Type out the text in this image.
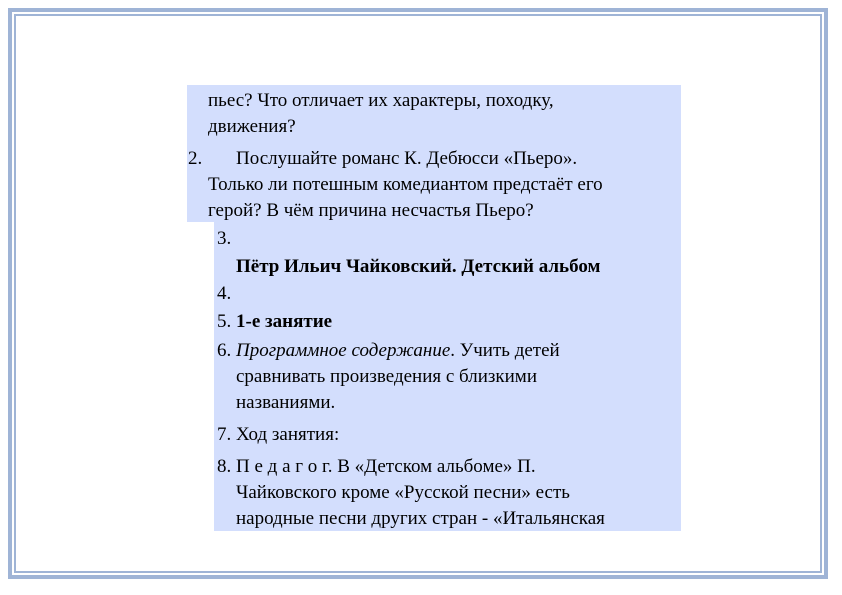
пьес? Что отличает их характеры, походку,
движения?
2. Послушайте романс К. Дебюсси «Пьеро».
Только ли потешным комедиантом предстаёт его
герой? В чём причина несчастья Пьеро?
3.
Пётр Ильич Чайковский. Детский альбом
4.
5. 1-е занятие
6. Программное содержание. Учить детей
сравнивать произведения с близкими
названиями.
7. Ход занятия:
8. П е д а г о г. В «Детском альбоме» П.
Чайковского кроме «Русской песни» есть
народные песни других стран - «Итальянская
